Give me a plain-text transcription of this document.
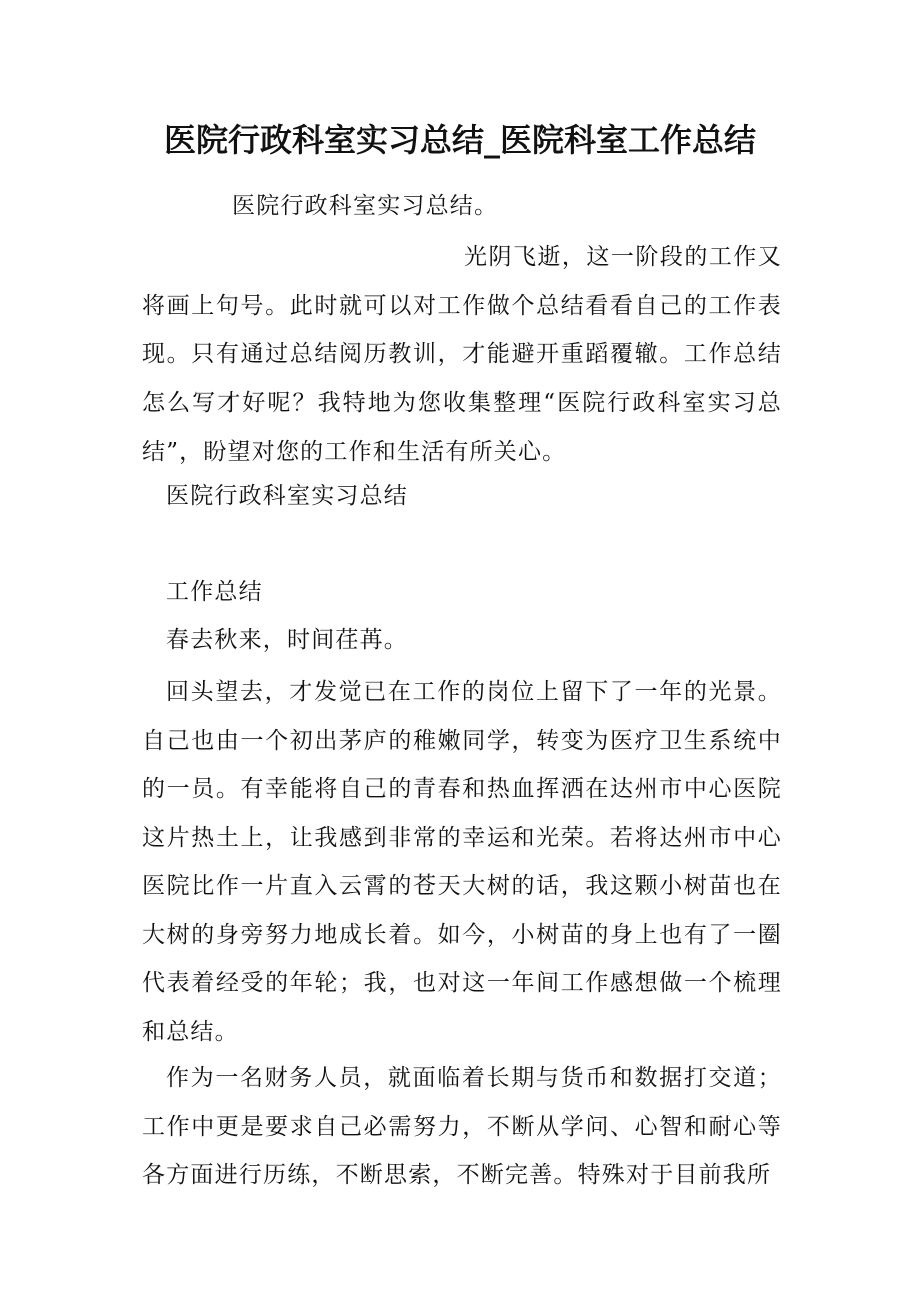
医院行政科室实习总结_医院科室工作总结
医院行政科室实习总结。
光阴飞逝，这一阶段的工作又将画上句号。此时就可以对工作做个总结看看自己的工作表现。只有通过总结阅历教训，才能避开重蹈覆辙。工作总结怎么写才好呢？我特地为您收集整理“医院行政科室实习总结”，盼望对您的工作和生活有所关心。
医院行政科室实习总结
工作总结
春去秋来，时间荏苒。
回头望去，才发觉已在工作的岗位上留下了一年的光景。自己也由一个初出茅庐的稚嫩同学，转变为医疗卫生系统中的一员。有幸能将自己的青春和热血挥洒在达州市中心医院这片热土上，让我感到非常的幸运和光荣。若将达州市中心医院比作一片直入云霄的苍天大树的话，我这颗小树苗也在大树的身旁努力地成长着。如今，小树苗的身上也有了一圈代表着经受的年轮；我，也对这一年间工作感想做一个梳理和总结。
作为一名财务人员，就面临着长期与货币和数据打交道；工作中更是要求自己必需努力，不断从学问、心智和耐心等各方面进行历练，不断思索，不断完善。特殊对于目前我所
